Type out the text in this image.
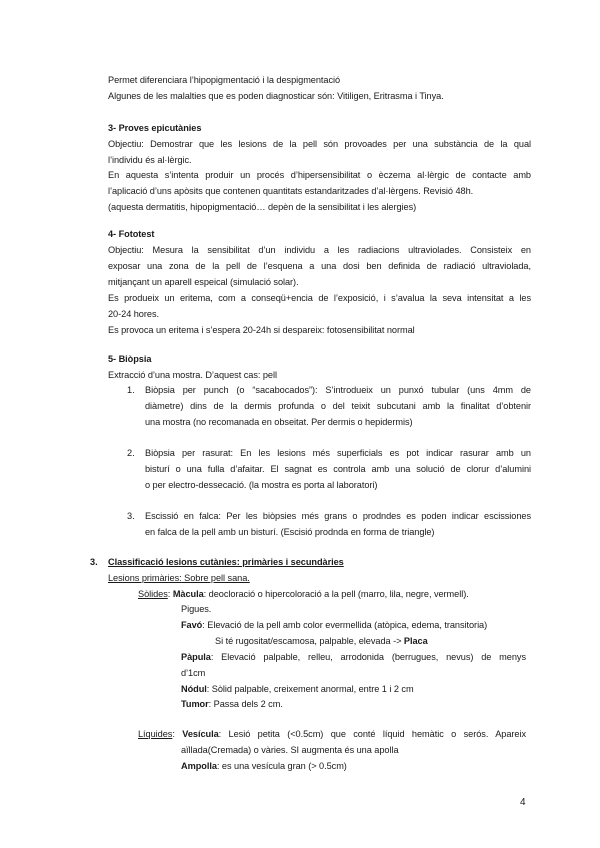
Permet diferenciara l’hipopigmentació i la despigmentació
Algunes de les malalties que es poden diagnosticar són: Vitiligen, Eritrasma i Tinya.
3- Proves epicutànies
Objectiu: Demostrar que les lesions de la pell són provoades per una substància de la qual
l’individu és al·lèrgic.
En aquesta s’intenta produir un procés d’hipersensibilitat o èczema al·lèrgic de contacte amb
l’aplicació d’uns apòsits que contenen quantitats estandaritzades d’al·lèrgens. Revisió 48h.
(aquesta dermatitis, hipopigmentació… depèn de la sensibilitat i les alergies)
4- Fototest
Objectiu: Mesura la sensibilitat d’un individu a les radiacions ultraviolades. Consisteix en
exposar una zona de la pell de l’esquena a una dosi ben definida de radiació ultraviolada,
mitjançant un aparell espeical (simulació solar).
Es produeix un eritema, com a conseqü+encia de l’exposició, i s’avalua la seva intensitat a les
20-24 hores.
Es provoca un eritema i s’espera 20-24h si despareix: fotosensibilitat normal
5- Biòpsia
Extracció d’una mostra. D’aquest cas: pell
1. Biòpsia per punch (o “sacabocados”): S’introdueix un punxó tubular (uns 4mm de
diàmetre) dins de la dermis profunda o del teixit subcutani amb la finalitat d’obtenir
una mostra (no recomanada en obseitat. Per dermis o hepidermis)
2. Biòpsia per rasurat: En les lesions més superficials es pot indicar rasurar amb un
bisturí o una fulla d’afaitar. El sagnat es controla amb una solució de clorur d’alumini
o per electro-dessecació. (la mostra es porta al laboratori)
3. Escissió en falca: Per les biòpsies més grans o prodndes es poden indicar escissiones
en falca de la pell amb un bisturí. (Escisió prodnda en forma de triangle)
3. Classificació lesions cutànies: primàries i secundàries
Lesions primàries: Sobre pell sana.
Sòlides: Màcula: deocloració o hipercoloració a la pell (marro, lila, negre, vermell).
Pigues.
Favó: Elevació de la pell amb color evermellida (atòpica, edema, transitoria)
Si té rugositat/escamosa, palpable, elevada -> Placa
Pàpula: Elevació palpable, relleu, arrodonida (berrugues, nevus) de menys
d’1cm
Nódul: Sòlid palpable, creixement anormal, entre 1 i 2 cm
Tumor: Passa dels 2 cm.
Líquides: Vesícula: Lesió petita (<0.5cm) que conté líquid hemàtic o serós. Apareix
aïllada(Cremada) o vàries. SI augmenta és una apolla
Ampolla: es una vesícula gran (> 0.5cm)
4
